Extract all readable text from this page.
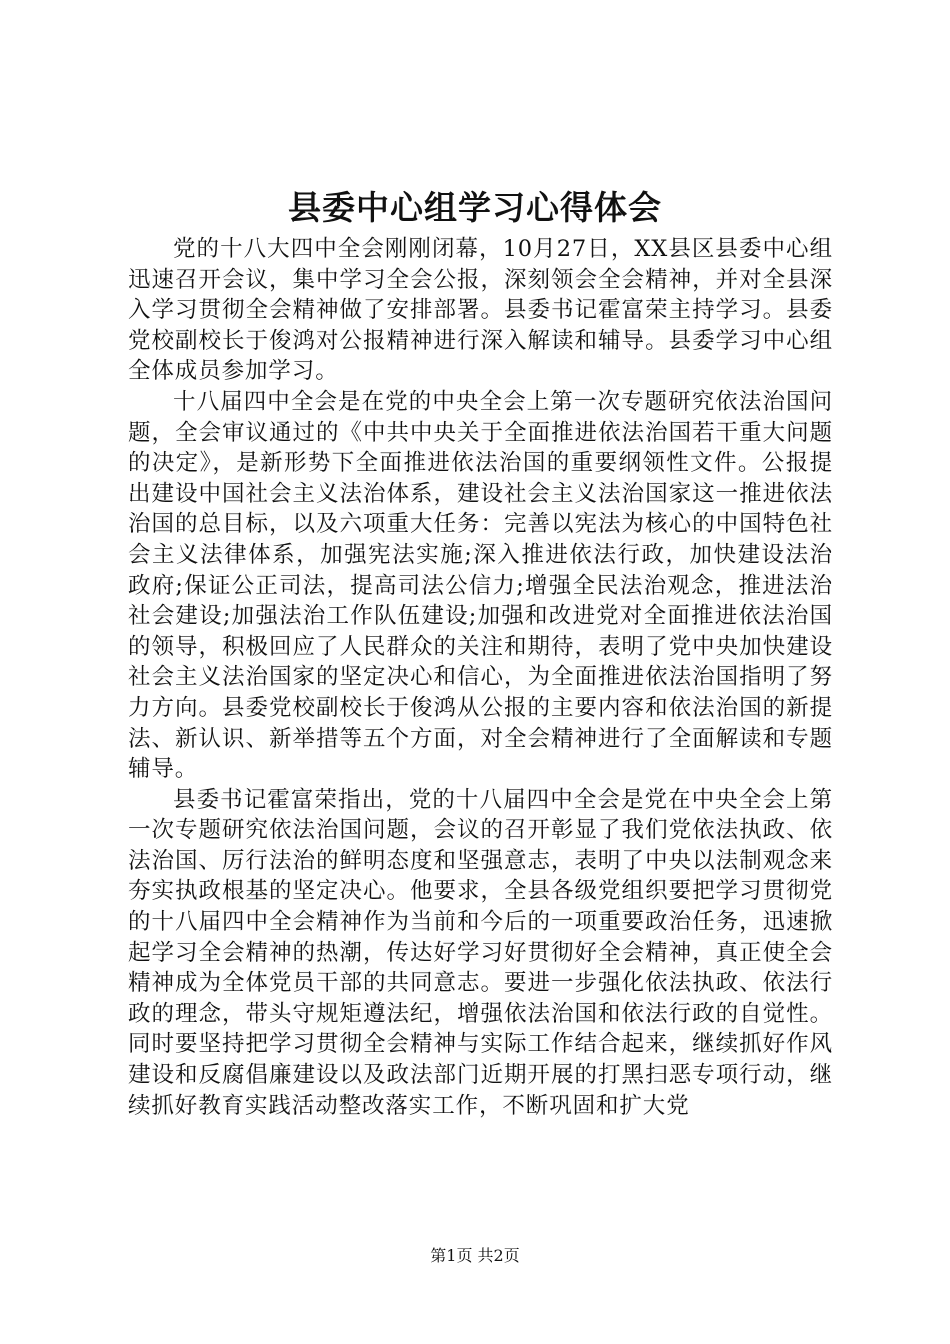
县委中心组学习心得体会

党的十八大四中全会刚刚闭幕，10月27日，XX县区县委中心组迅速召开会议，集中学习全会公报，深刻领会全会精神，并对全县深入学习贯彻全会精神做了安排部署。县委书记霍富荣主持学习。县委党校副校长于俊鸿对公报精神进行深入解读和辅导。县委学习中心组全体成员参加学习。

十八届四中全会是在党的中央全会上第一次专题研究依法治国问题，全会审议通过的《中共中央关于全面推进依法治国若干重大问题的决定》，是新形势下全面推进依法治国的重要纲领性文件。公报提出建设中国社会主义法治体系，建设社会主义法治国家这一推进依法治国的总目标，以及六项重大任务：完善以宪法为核心的中国特色社会主义法律体系，加强宪法实施;深入推进依法行政，加快建设法治政府;保证公正司法，提高司法公信力;增强全民法治观念，推进法治社会建设;加强法治工作队伍建设;加强和改进党对全面推进依法治国的领导，积极回应了人民群众的关注和期待，表明了党中央加快建设社会主义法治国家的坚定决心和信心，为全面推进依法治国指明了努力方向。县委党校副校长于俊鸿从公报的主要内容和依法治国的新提法、新认识、新举措等五个方面，对全会精神进行了全面解读和专题辅导。

县委书记霍富荣指出，党的十八届四中全会是党在中央全会上第一次专题研究依法治国问题，会议的召开彰显了我们党依法执政、依法治国、厉行法治的鲜明态度和坚强意志，表明了中央以法制观念来夯实执政根基的坚定决心。他要求，全县各级党组织要把学习贯彻党的十八届四中全会精神作为当前和今后的一项重要政治任务，迅速掀起学习全会精神的热潮，传达好学习好贯彻好全会精神，真正使全会精神成为全体党员干部的共同意志。要进一步强化依法执政、依法行政的理念，带头守规矩遵法纪，增强依法治国和依法行政的自觉性。同时要坚持把学习贯彻全会精神与实际工作结合起来，继续抓好作风建设和反腐倡廉建设以及政法部门近期开展的打黑扫恶专项行动，继续抓好教育实践活动整改落实工作，不断巩固和扩大党

第1页 共2页
